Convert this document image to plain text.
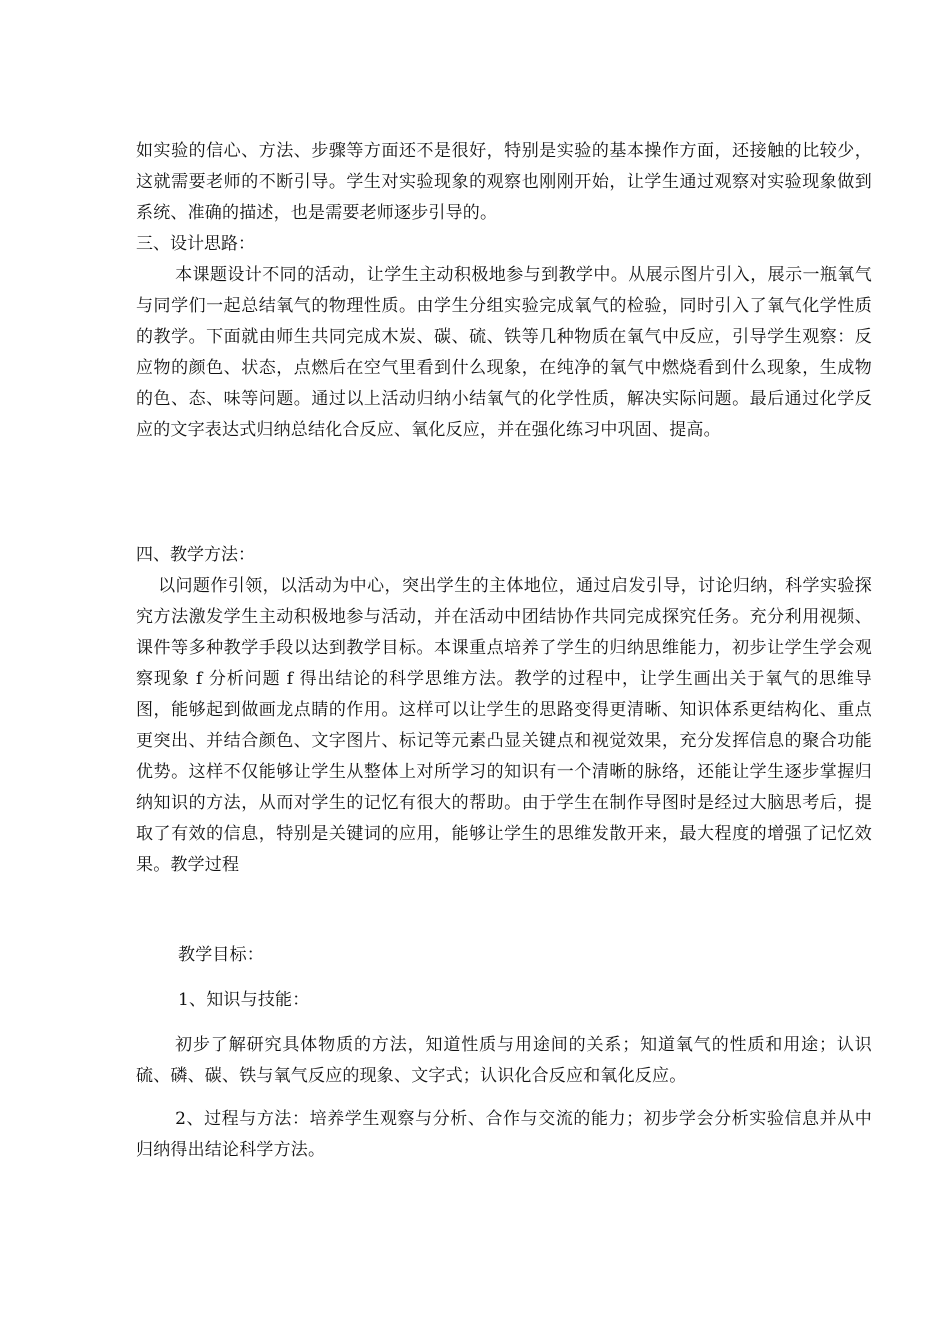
如实验的信心、方法、步骤等方面还不是很好，特别是实验的基本操作方面，还接触的比较少，这就需要老师的不断引导。学生对实验现象的观察也刚刚开始，让学生通过观察对实验现象做到系统、准确的描述，也是需要老师逐步引导的。

三、设计思路：

本课题设计不同的活动，让学生主动积极地参与到教学中。从展示图片引入，展示一瓶氧气与同学们一起总结氧气的物理性质。由学生分组实验完成氧气的检验，同时引入了氧气化学性质的教学。下面就由师生共同完成木炭、碳、硫、铁等几种物质在氧气中反应，引导学生观察：反应物的颜色、状态，点燃后在空气里看到什么现象，在纯净的氧气中燃烧看到什么现象，生成物的色、态、味等问题。通过以上活动归纳小结氧气的化学性质，解决实际问题。最后通过化学反应的文字表达式归纳总结化合反应、氧化反应，并在强化练习中巩固、提高。

四、教学方法：

以问题作引领，以活动为中心，突出学生的主体地位，通过启发引导，讨论归纳，科学实验探究方法激发学生主动积极地参与活动，并在活动中团结协作共同完成探究任务。充分利用视频、课件等多种教学手段以达到教学目标。本课重点培养了学生的归纳思维能力，初步让学生学会观察现象 f 分析问题 f 得出结论的科学思维方法。教学的过程中，让学生画出关于氧气的思维导图，能够起到做画龙点睛的作用。这样可以让学生的思路变得更清晰、知识体系更结构化、重点更突出、并结合颜色、文字图片、标记等元素凸显关键点和视觉效果，充分发挥信息的聚合功能优势。这样不仅能够让学生从整体上对所学习的知识有一个清晰的脉络，还能让学生逐步掌握归纳知识的方法，从而对学生的记忆有很大的帮助。由于学生在制作导图时是经过大脑思考后，提取了有效的信息，特别是关键词的应用，能够让学生的思维发散开来，最大程度的增强了记忆效果。教学过程

教学目标：

1、知识与技能：

初步了解研究具体物质的方法，知道性质与用途间的关系；知道氧气的性质和用途；认识硫、磷、碳、铁与氧气反应的现象、文字式；认识化合反应和氧化反应。

2、过程与方法：培养学生观察与分析、合作与交流的能力；初步学会分析实验信息并从中归纳得出结论科学方法。
